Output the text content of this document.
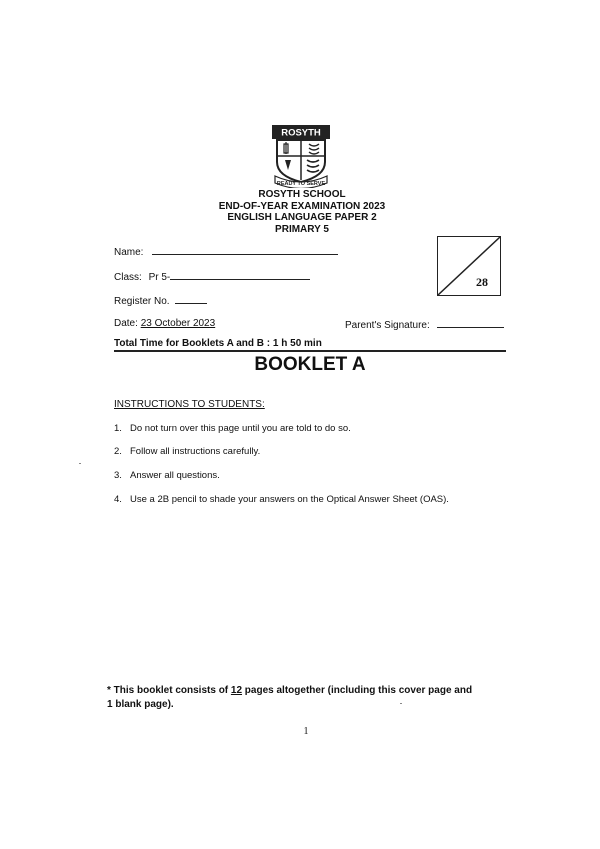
ROSYTH
READY TO SERVE
ROSYTH SCHOOL
END-OF-YEAR EXAMINATION 2023
ENGLISH LANGUAGE PAPER 2
PRIMARY 5
Name:
Class: Pr 5-
Register No.
Date: 23 October 2023	Parent's Signature:
28
Total Time for Booklets A and B : 1 h 50 min
BOOKLET A
INSTRUCTIONS TO STUDENTS:
1. Do not turn over this page until you are told to do so.
2. Follow all instructions carefully.
3. Answer all questions.
4. Use a 2B pencil to shade your answers on the Optical Answer Sheet (OAS).
* This booklet consists of 12 pages altogether (including this cover page and
1 blank page).
1
